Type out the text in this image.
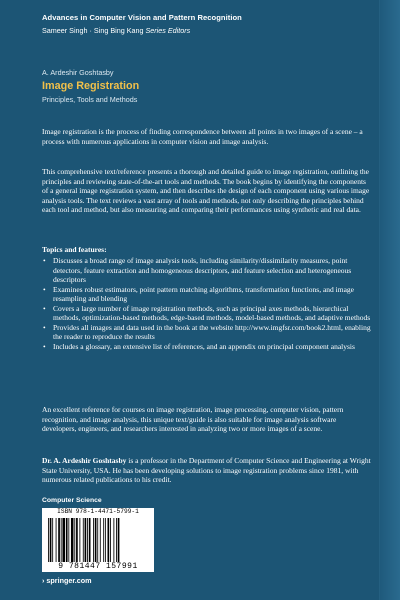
Advances in Computer Vision and Pattern Recognition
Sameer Singh · Sing Bing Kang Series Editors
A. Ardeshir Goshtasby
Image Registration
Principles, Tools and Methods
Image registration is the process of finding correspondence between all points in two images of a scene – a process with numerous applications in computer vision and image analysis.
This comprehensive text/reference presents a thorough and detailed guide to image registration, outlining the principles and reviewing state-of-the-art tools and methods. The book begins by identifying the components of a general image registration system, and then describes the design of each component using various image analysis tools. The text reviews a vast array of tools and methods, not only describing the principles behind each tool and method, but also measuring and comparing their performances using synthetic and real data.
Topics and features:
• Discusses a broad range of image analysis tools, including similarity/dissimilarity measures, point detectors, feature extraction and homogeneous descriptors, and feature selection and heterogeneous descriptors
• Examines robust estimators, point pattern matching algorithms, transformation functions, and image resampling and blending
• Covers a large number of image registration methods, such as principal axes methods, hierarchical methods, optimization-based methods, edge-based methods, model-based methods, and adaptive methods
• Provides all images and data used in the book at the website http://www.imgfsr.com/book2.html, enabling the reader to reproduce the results
• Includes a glossary, an extensive list of references, and an appendix on principal component analysis
An excellent reference for courses on image registration, image processing, computer vision, pattern recognition, and image analysis, this unique text/guide is also suitable for image analysis software developers, engineers, and researchers interested in analyzing two or more images of a scene.
Dr. A. Ardeshir Goshtasby is a professor in the Department of Computer Science and Engineering at Wright State University, USA. He has been developing solutions to image registration problems since 1981, with numerous related publications to his credit.
Computer Science
ISBN 978-1-4471-5799-1
9 781447 157991
› springer.com
